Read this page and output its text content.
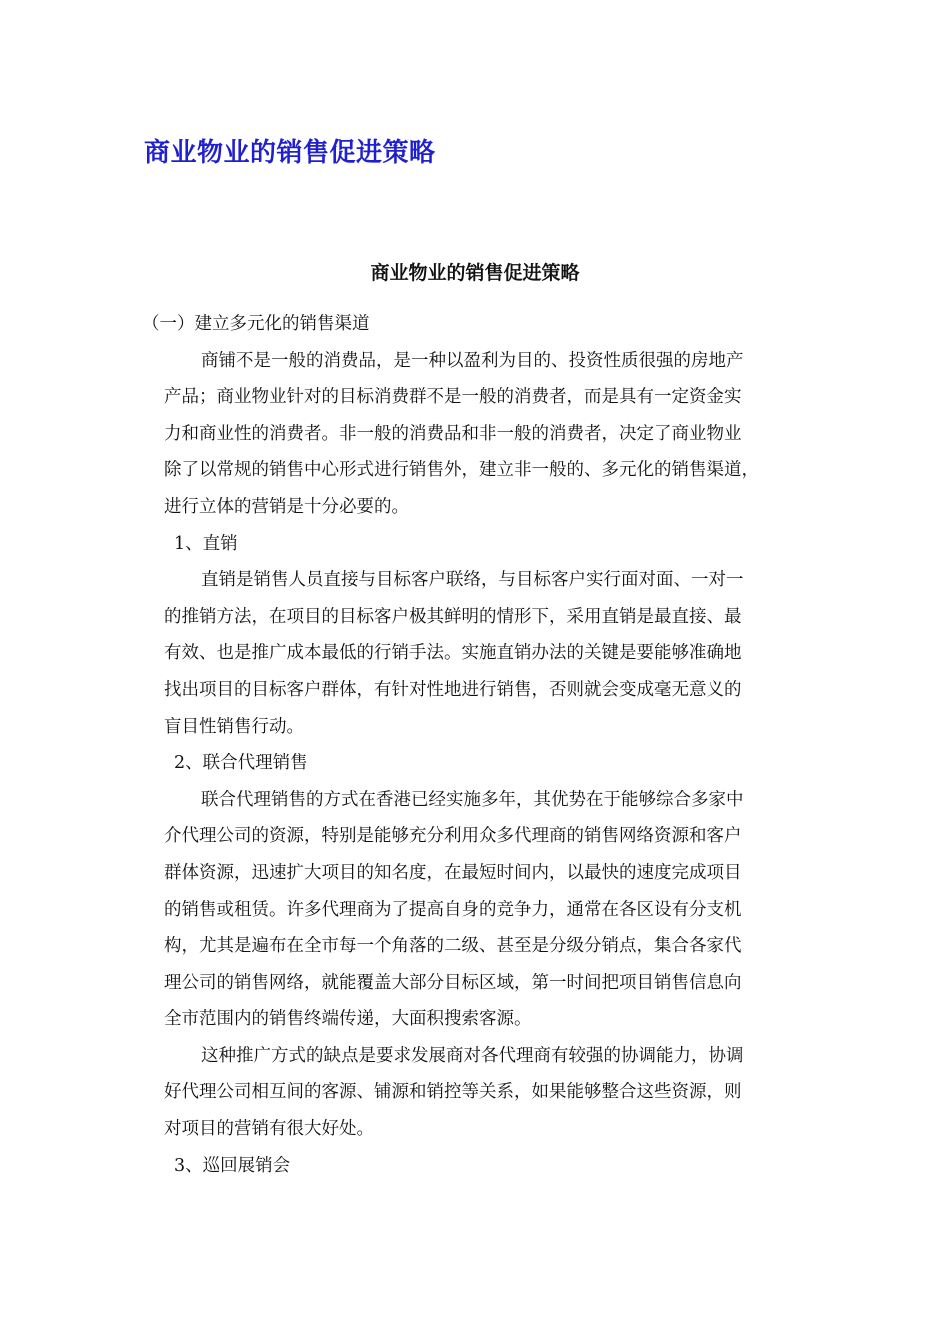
商业物业的销售促进策略
商业物业的销售促进策略
（一）建立多元化的销售渠道
商铺不是一般的消费品，是一种以盈利为目的、投资性质很强的房地产
产品；商业物业针对的目标消费群不是一般的消费者，而是具有一定资金实
力和商业性的消费者。非一般的消费品和非一般的消费者，决定了商业物业
除了以常规的销售中心形式进行销售外，建立非一般的、多元化的销售渠道，
进行立体的营销是十分必要的。
1、直销
直销是销售人员直接与目标客户联络，与目标客户实行面对面、一对一
的推销方法，在项目的目标客户极其鲜明的情形下，采用直销是最直接、最
有效、也是推广成本最低的行销手法。实施直销办法的关键是要能够准确地
找出项目的目标客户群体，有针对性地进行销售，否则就会变成毫无意义的
盲目性销售行动。
2、联合代理销售
联合代理销售的方式在香港已经实施多年，其优势在于能够综合多家中
介代理公司的资源，特别是能够充分利用众多代理商的销售网络资源和客户
群体资源，迅速扩大项目的知名度，在最短时间内，以最快的速度完成项目
的销售或租赁。许多代理商为了提高自身的竞争力，通常在各区设有分支机
构，尤其是遍布在全市每一个角落的二级、甚至是分级分销点，集合各家代
理公司的销售网络，就能覆盖大部分目标区域，第一时间把项目销售信息向
全市范围内的销售终端传递，大面积搜索客源。
这种推广方式的缺点是要求发展商对各代理商有较强的协调能力，协调
好代理公司相互间的客源、铺源和销控等关系，如果能够整合这些资源，则
对项目的营销有很大好处。
3、巡回展销会
